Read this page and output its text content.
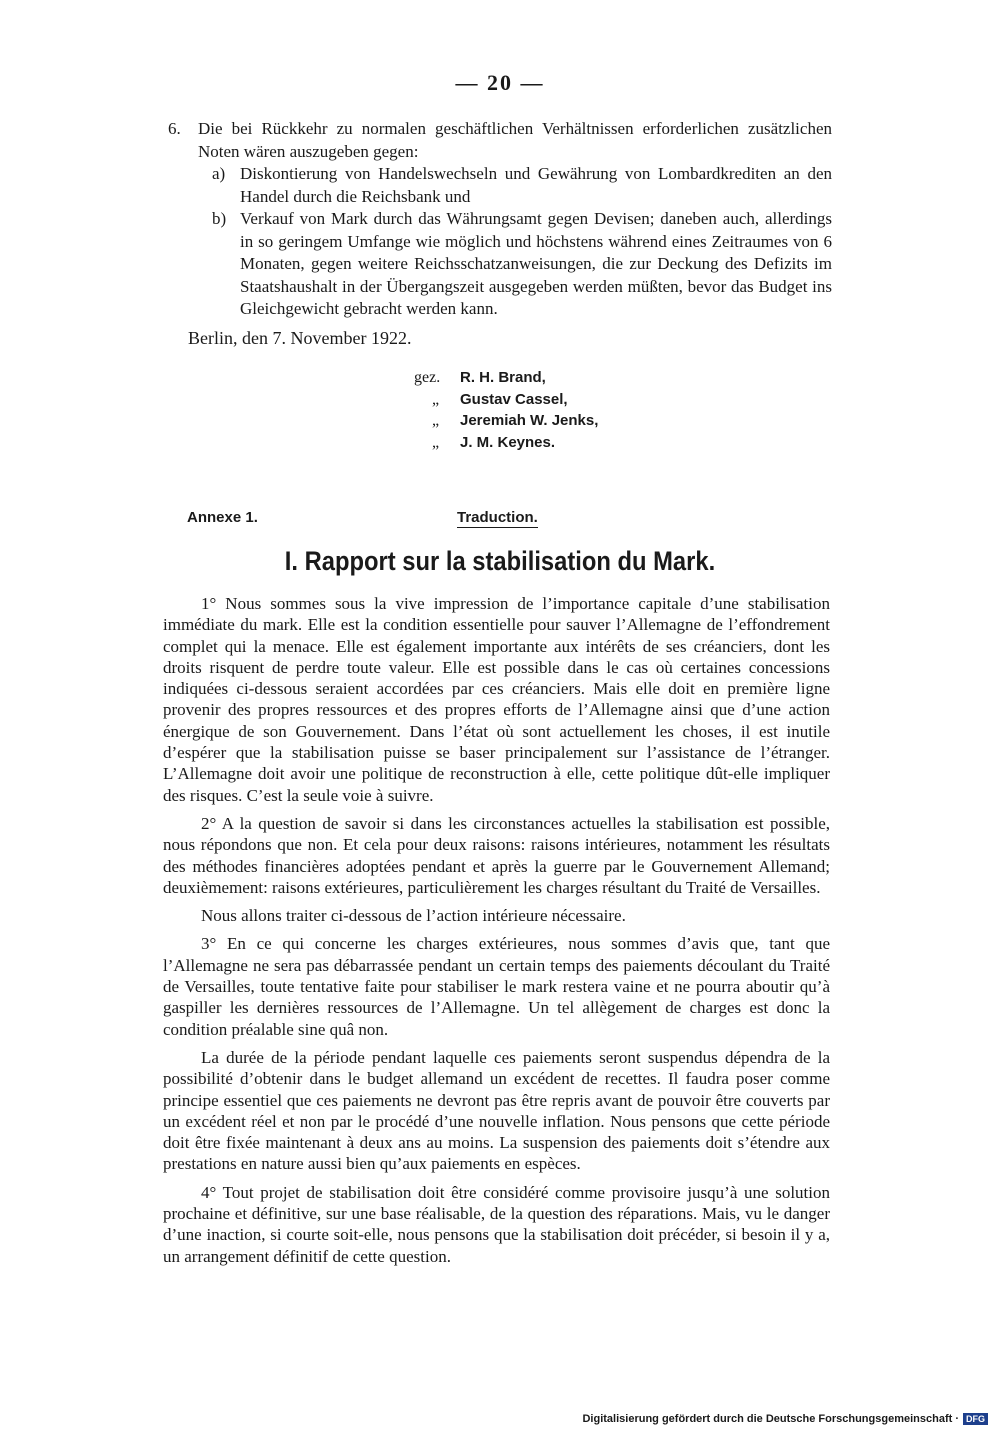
— 20 —
6.	Die bei Rückkehr zu normalen geschäftlichen Verhältnissen erforderlichen zusätzlichen Noten wären auszugeben gegen:
a) Diskontierung von Handelswechseln und Gewährung von Lombardkrediten an den Handel durch die Reichsbank und
b) Verkauf von Mark durch das Währungsamt gegen Devisen; daneben auch, allerdings in so geringem Umfange wie möglich und höchstens während eines Zeitraumes von 6 Monaten, gegen weitere Reichsschatzanweisungen, die zur Deckung des Defizits im Staatshaushalt in der Übergangszeit ausgegeben werden müßten, bevor das Budget ins Gleichgewicht gebracht werden kann.
Berlin, den 7. November 1922.
gez.	R. H. Brand,
„	Gustav Cassel,
„	Jeremiah W. Jenks,
„	J. M. Keynes.
Annexe 1.	Traduction.
I. Rapport sur la stabilisation du Mark.

1° Nous sommes sous la vive impression de l’importance capitale d’une stabilisation immédiate du mark. Elle est la condition essentielle pour sauver l’Allemagne de l’effondrement complet qui la menace. Elle est également importante aux intérêts de ses créanciers, dont les droits risquent de perdre toute valeur. Elle est possible dans le cas où certaines concessions indiquées ci-dessous seraient accordées par ces créanciers. Mais elle doit en première ligne provenir des propres ressources et des propres efforts de l’Allemagne ainsi que d’une action énergique de son Gouvernement. Dans l’état où sont actuellement les choses, il est inutile d’espérer que la stabilisation puisse se baser principalement sur l’assistance de l’étranger. L’Allemagne doit avoir une politique de reconstruction à elle, cette politique dût-elle impliquer des risques. C’est la seule voie à suivre.

2° A la question de savoir si dans les circonstances actuelles la stabilisation est possible, nous répondons que non. Et cela pour deux raisons: raisons intérieures, notamment les résultats des méthodes financières adoptées pendant et après la guerre par le Gouvernement Allemand; deuxièmement: raisons extérieures, particulièrement les charges résultant du Traité de Versailles.

Nous allons traiter ci-dessous de l’action intérieure nécessaire.

3° En ce qui concerne les charges extérieures, nous sommes d’avis que, tant que l’Allemagne ne sera pas débarrassée pendant un certain temps des paiements découlant du Traité de Versailles, toute tentative faite pour stabiliser le mark restera vaine et ne pourra aboutir qu’à gaspiller les dernières ressources de l’Allemagne. Un tel allègement de charges est donc la condition préalable sine quâ non.

La durée de la période pendant laquelle ces paiements seront suspendus dépendra de la possibilité d’obtenir dans le budget allemand un excédent de recettes. Il faudra poser comme principe essentiel que ces paiements ne devront pas être repris avant de pouvoir être couverts par un excédent réel et non par le procédé d’une nouvelle inflation. Nous pensons que cette période doit être fixée maintenant à deux ans au moins. La suspension des paiements doit s’étendre aux prestations en nature aussi bien qu’aux paiements en espèces.

4° Tout projet de stabilisation doit être considéré comme provisoire jusqu’à une solution prochaine et définitive, sur une base réalisable, de la question des réparations. Mais, vu le danger d’une inaction, si courte soit-elle, nous pensons que la stabilisation doit précéder, si besoin il y a, un arrangement définitif de cette question.

Digitalisierung gefördert durch die Deutsche Forschungsgemeinschaft · DFG
